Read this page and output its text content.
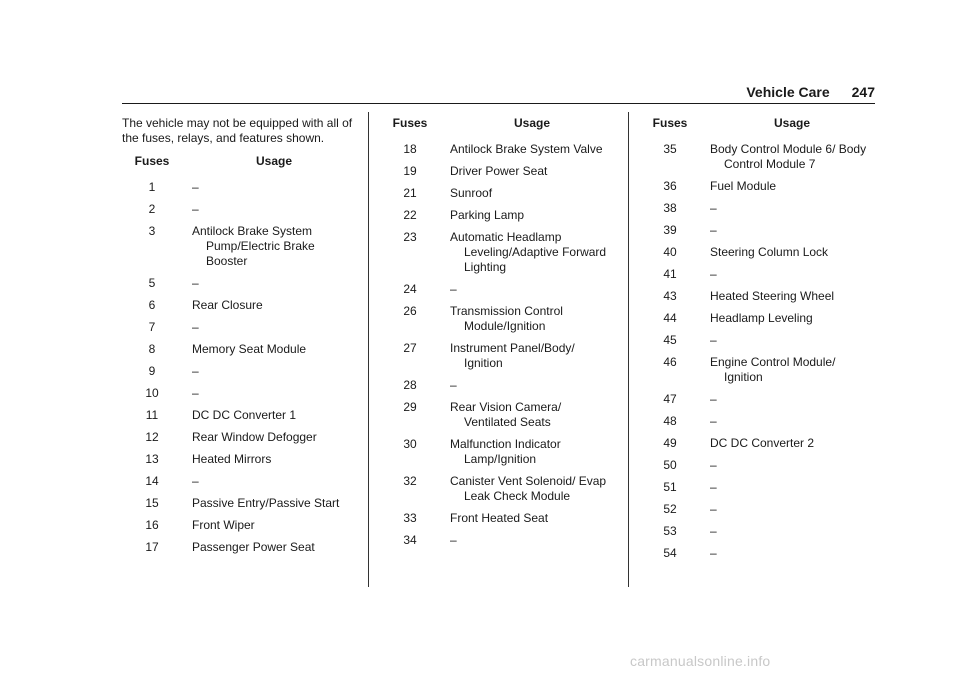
Vehicle Care 247

The vehicle may not be equipped with all of the fuses, relays, and features shown.

Fuses	Usage
1	–
2	–
3	Antilock Brake System Pump/Electric Brake Booster
5	–
6	Rear Closure
7	–
8	Memory Seat Module
9	–
10	–
11	DC DC Converter 1
12	Rear Window Defogger
13	Heated Mirrors
14	–
15	Passive Entry/Passive Start
16	Front Wiper
17	Passenger Power Seat
Fuses	Usage
18	Antilock Brake System Valve
19	Driver Power Seat
21	Sunroof
22	Parking Lamp
23	Automatic Headlamp Leveling/Adaptive Forward Lighting
24	–
26	Transmission Control Module/Ignition
27	Instrument Panel/Body/ Ignition
28	–
29	Rear Vision Camera/ Ventilated Seats
30	Malfunction Indicator Lamp/Ignition
32	Canister Vent Solenoid/ Evap Leak Check Module
33	Front Heated Seat
34	–
Fuses	Usage
35	Body Control Module 6/ Body Control Module 7
36	Fuel Module
38	–
39	–
40	Steering Column Lock
41	–
43	Heated Steering Wheel
44	Headlamp Leveling
45	–
46	Engine Control Module/ Ignition
47	–
48	–
49	DC DC Converter 2
50	–
51	–
52	–
53	–
54	–
carmanualsonline.info
